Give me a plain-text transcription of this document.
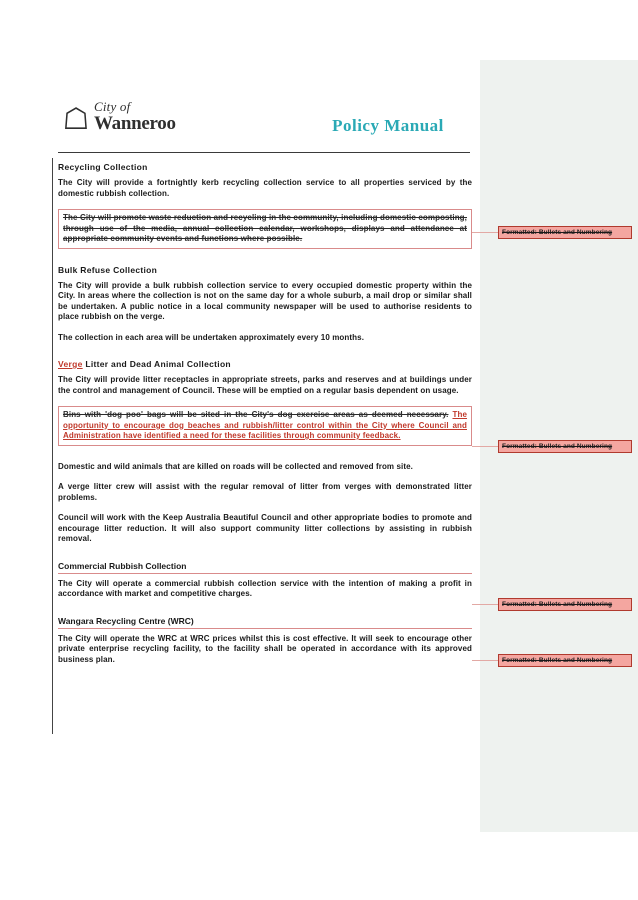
☖ City of
Wanneroo	Policy Manual
Recycling Collection

The City will provide a fortnightly kerb recycling collection service to all properties serviced by the domestic rubbish collection.

The City will promote waste reduction and recycling in the community, including domestic composting, through use of the media, annual collection calendar, workshops, displays and attendance at appropriate community events and functions where possible.

Bulk Refuse Collection

The City will provide a bulk rubbish collection service to every occupied domestic property within the City. In areas where the collection is not on the same day for a whole suburb, a mail drop or similar shall be undertaken. A public notice in a local community newspaper will be used to authorise residents to place rubbish on the verge.

The collection in each area will be undertaken approximately every 10 months.

Verge Litter and Dead Animal Collection

The City will provide litter receptacles in appropriate streets, parks and reserves and at buildings under the control and management of Council. These will be emptied on a regular basis dependent on usage.

Bins with 'dog poo' bags will be sited in the City's dog exercise areas as deemed necessary. The opportunity to encourage dog beaches and rubbish/litter control within the City where Council and Administration have identified a need for these facilities through community feedback.

Domestic and wild animals that are killed on roads will be collected and removed from site.

A verge litter crew will assist with the regular removal of litter from verges with demonstrated litter problems.

Council will work with the Keep Australia Beautiful Council and other appropriate bodies to promote and encourage litter reduction. It will also support community litter collections by assisting in rubbish removal.

Commercial Rubbish Collection

The City will operate a commercial rubbish collection service with the intention of making a profit in accordance with market and competitive charges.

Wangara Recycling Centre (WRC)

The City will operate the WRC at WRC prices whilst this is cost effective. It will seek to encourage other private enterprise recycling facility, to the facility shall be operated in accordance with its approved business plan.

Formatted: Bullets and Numbering
Formatted: Bullets and Numbering
Formatted: Bullets and Numbering
Formatted: Bullets and Numbering
